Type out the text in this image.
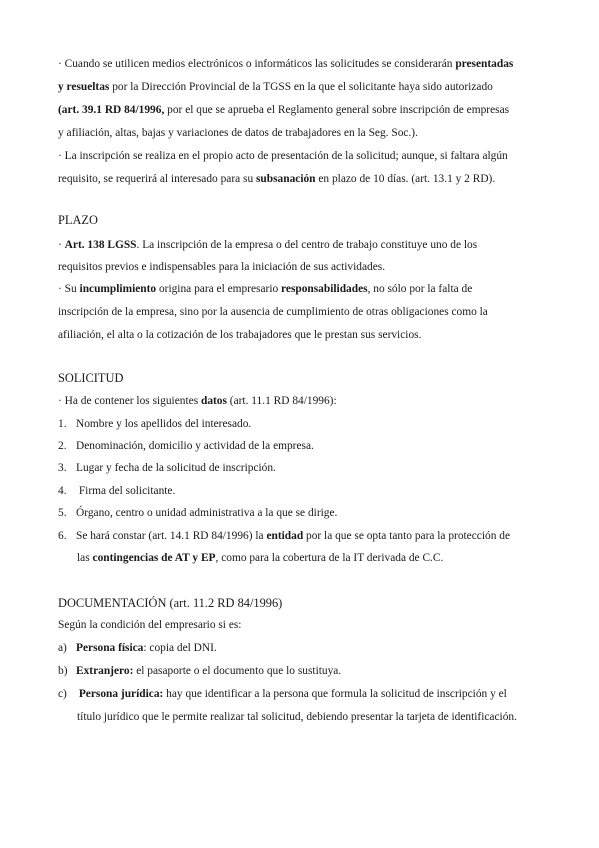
· Cuando se utilicen medios electrónicos o informáticos las solicitudes se considerarán presentadas
y resueltas por la Dirección Provincial de la TGSS en la que el solicitante haya sido autorizado
(art. 39.1 RD 84/1996, por el que se aprueba el Reglamento general sobre inscripción de empresas
y afiliación, altas, bajas y variaciones de datos de trabajadores en la Seg. Soc.).
· La inscripción se realiza en el propio acto de presentación de la solicitud; aunque, si faltara algún
requisito, se requerirá al interesado para su subsanación en plazo de 10 días. (art. 13.1 y 2 RD).
PLAZO
· Art. 138 LGSS. La inscripción de la empresa o del centro de trabajo constituye uno de los
requisitos previos e indispensables para la iniciación de sus actividades.
· Su incumplimiento origina para el empresario responsabilidades, no sólo por la falta de
inscripción de la empresa, sino por la ausencia de cumplimiento de otras obligaciones como la
afiliación, el alta o la cotización de los trabajadores que le prestan sus servicios.
SOLICITUD
· Ha de contener los siguientes datos (art. 11.1 RD 84/1996):
1. Nombre y los apellidos del interesado.
2. Denominación, domicilio y actividad de la empresa.
3. Lugar y fecha de la solicitud de inscripción.
4. Firma del solicitante.
5. Órgano, centro o unidad administrativa a la que se dirige.
6. Se hará constar (art. 14.1 RD 84/1996) la entidad por la que se opta tanto para la protección de
las contingencias de AT y EP, como para la cobertura de la IT derivada de C.C.
DOCUMENTACIÓN (art. 11.2 RD 84/1996)
Según la condición del empresario si es:
a) Persona física: copia del DNI.
b) Extranjero: el pasaporte o el documento que lo sustituya.
c) Persona jurídica: hay que identificar a la persona que formula la solicitud de inscripción y el
título jurídico que le permite realizar tal solicitud, debiendo presentar la tarjeta de identificación.
